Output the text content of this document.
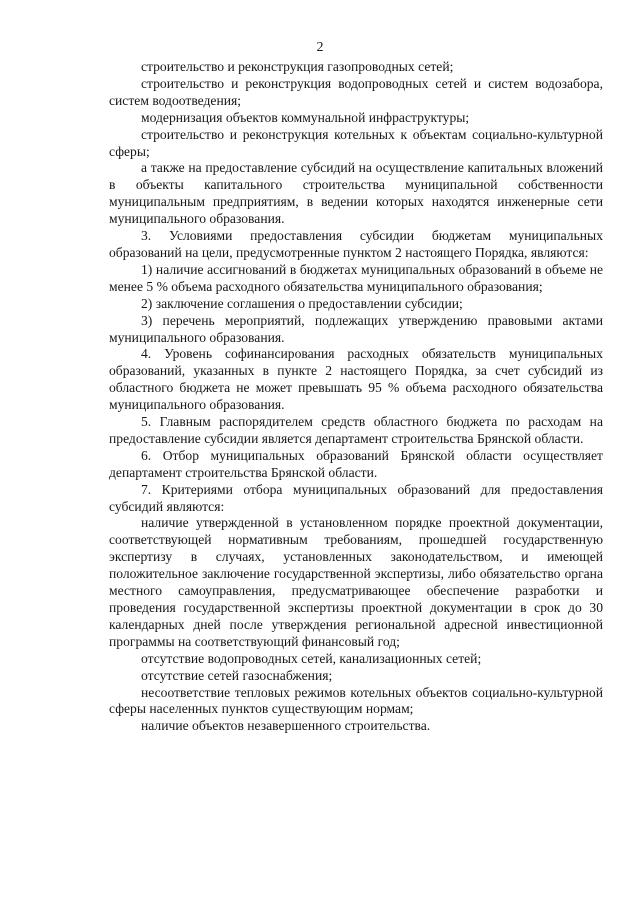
2

строительство и реконструкция газопроводных сетей;

строительство и реконструкция водопроводных сетей и систем водозабора, систем водоотведения;

модернизация объектов коммунальной инфраструктуры;

строительство и реконструкция котельных к объектам социально-культурной сферы;

а также на предоставление субсидий на осуществление капитальных вложений в объекты капитального строительства муниципальной собственности муниципальным предприятиям, в ведении которых находятся инженерные сети муниципального образования.

3. Условиями предоставления субсидии бюджетам муниципальных образований на цели, предусмотренные пунктом 2 настоящего Порядка, являются:

1) наличие ассигнований в бюджетах муниципальных образований в объеме не менее 5 % объема расходного обязательства муниципального образования;

2) заключение соглашения о предоставлении субсидии;

3) перечень мероприятий, подлежащих утверждению правовыми актами муниципального образования.

4. Уровень софинансирования расходных обязательств муниципальных образований, указанных в пункте 2 настоящего Порядка, за счет субсидий из областного бюджета не может превышать 95 % объема расходного обязательства муниципального образования.

5. Главным распорядителем средств областного бюджета по расходам на предоставление субсидии является департамент строительства Брянской области.

6. Отбор муниципальных образований Брянской области осуществляет департамент строительства Брянской области.

7. Критериями отбора муниципальных образований для предоставления субсидий являются:

наличие утвержденной в установленном порядке проектной документации, соответствующей нормативным требованиям, прошедшей государственную экспертизу в случаях, установленных законодательством, и имеющей положительное заключение государственной экспертизы, либо обязательство органа местного самоуправления, предусматривающее обеспечение разработки и проведения государственной экспертизы проектной документации в срок до 30 календарных дней после утверждения региональной адресной инвестиционной программы на соответствующий финансовый год;

отсутствие водопроводных сетей, канализационных сетей;

отсутствие сетей газоснабжения;

несоответствие тепловых режимов котельных объектов социально-культурной сферы населенных пунктов существующим нормам;

наличие объектов незавершенного строительства.
